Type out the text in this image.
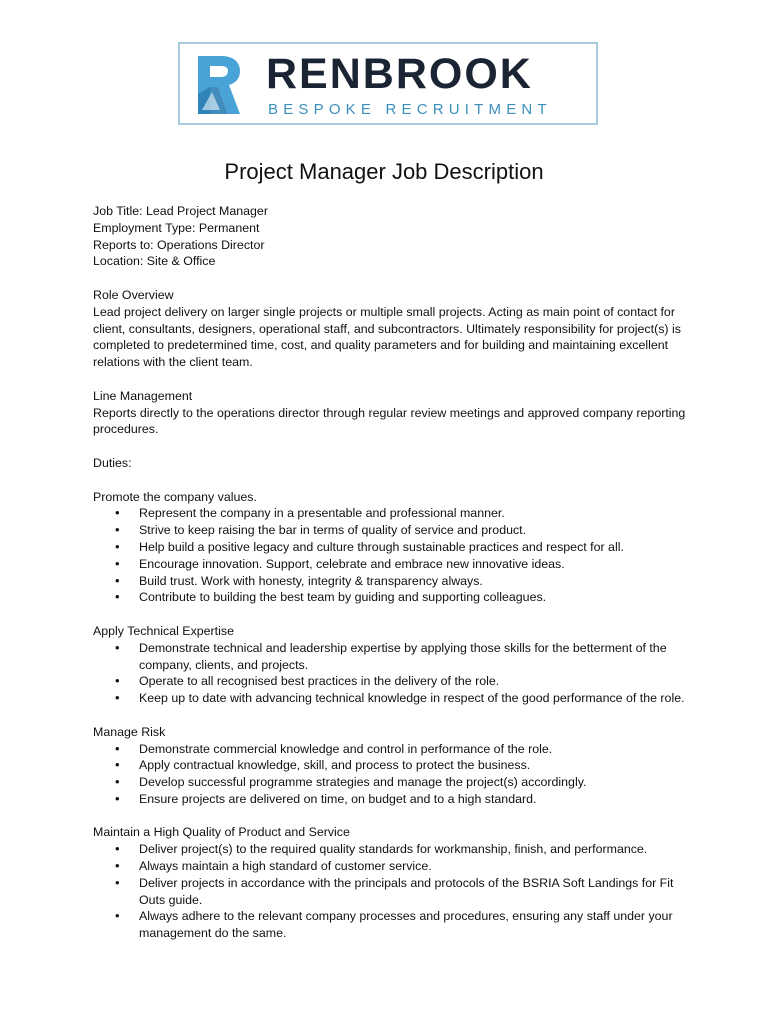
RENBROOK
BESPOKE RECRUITMENT
Project Manager Job Description

Job Title: Lead Project Manager

Employment Type: Permanent

Reports to: Operations Director

Location: Site & Office

Role Overview

Lead project delivery on larger single projects or multiple small projects. Acting as main point of contact for client, consultants, designers, operational staff, and subcontractors. Ultimately responsibility for project(s) is completed to predetermined time, cost, and quality parameters and for building and maintaining excellent relations with the client team.

Line Management

Reports directly to the operations director through regular review meetings and approved company reporting procedures.

Duties:

Promote the company values.

• Represent the company in a presentable and professional manner.
• Strive to keep raising the bar in terms of quality of service and product.
• Help build a positive legacy and culture through sustainable practices and respect for all.
• Encourage innovation. Support, celebrate and embrace new innovative ideas.
• Build trust. Work with honesty, integrity & transparency always.
• Contribute to building the best team by guiding and supporting colleagues.

Apply Technical Expertise

• Demonstrate technical and leadership expertise by applying those skills for the betterment of the company, clients, and projects.
• Operate to all recognised best practices in the delivery of the role.
• Keep up to date with advancing technical knowledge in respect of the good performance of the role.

Manage Risk

• Demonstrate commercial knowledge and control in performance of the role.
• Apply contractual knowledge, skill, and process to protect the business.
• Develop successful programme strategies and manage the project(s) accordingly.
• Ensure projects are delivered on time, on budget and to a high standard.

Maintain a High Quality of Product and Service

• Deliver project(s) to the required quality standards for workmanship, finish, and performance.
• Always maintain a high standard of customer service.
• Deliver projects in accordance with the principals and protocols of the BSRIA Soft Landings for Fit Outs guide.
• Always adhere to the relevant company processes and procedures, ensuring any staff under your management do the same.
